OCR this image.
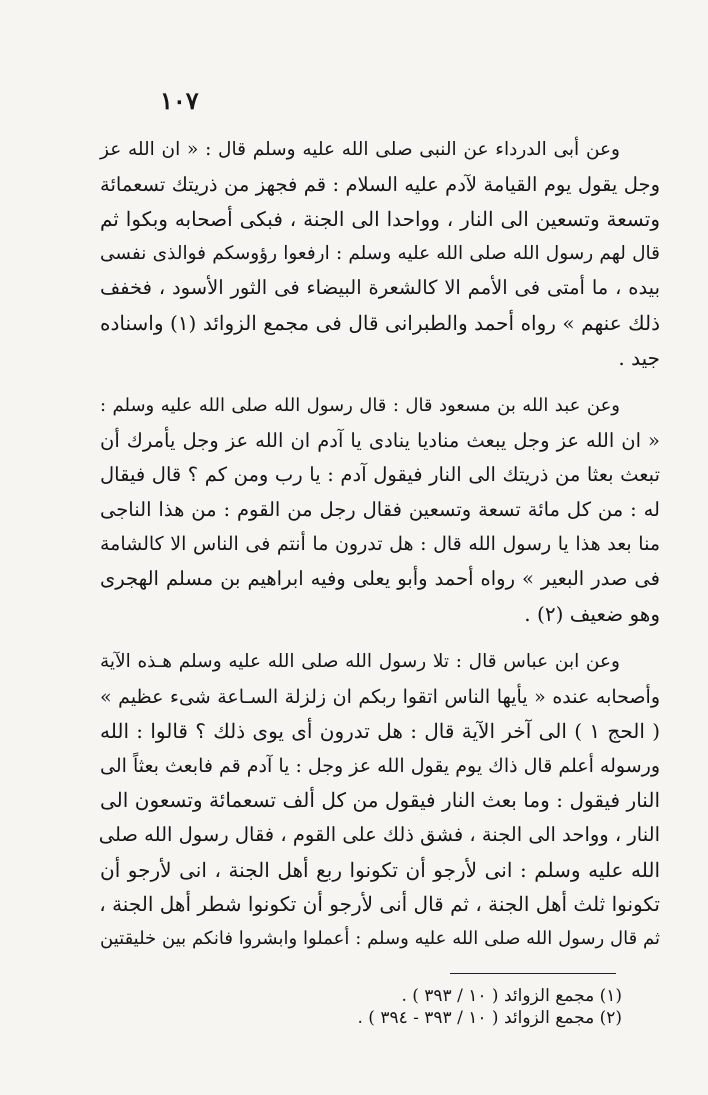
١٠٧
وعن أبى الدرداء عن النبى صلى الله عليه وسلم قال : « ان الله عز
وجل يقول يوم القيامة لآدم عليه السلام : قم فجهز من ذريتك تسعمائة
وتسعة وتسعين الى النار ، وواحدا الى الجنة ، فبكى أصحابه وبكوا ثم
قال لهم رسول الله صلى الله عليه وسلم : ارفعوا رؤوسكم فوالذى نفسى
بيده ، ما أمتى فى الأمم الا كالشعرة البيضاء فى الثور الأسود ، فخفف
ذلك عنهم » رواه أحمد والطبرانى قال فى مجمع الزوائد (١) واسناده
جيد .
وعن عبد الله بن مسعود قال : قال رسول الله صلى الله عليه وسلم :
« ان الله عز وجل يبعث مناديا ينادى يا آدم ان الله عز وجل يأمرك أن
تبعث بعثا من ذريتك الى النار فيقول آدم : يا رب ومن كم ؟ قال فيقال
له : من كل مائة تسعة وتسعين فقال رجل من القوم : من هذا الناجى
منا بعد هذا يا رسول الله قال : هل تدرون ما أنتم فى الناس الا كالشامة
فى صدر البعير » رواه أحمد وأبو يعلى وفيه ابراهيم بن مسلم الهجرى
وهو ضعيف (٢) .
وعن ابن عباس قال : تلا رسول الله صلى الله عليه وسلم هـذه الآية
وأصحابه عنده « يأيها الناس اتقوا ربكم ان زلزلة السـاعة شىء عظيم »
( الحج ١ ) الى آخر الآية قال : هل تدرون أى يوى ذلك ؟ قالوا : الله
ورسوله أعلم قال ذاك يوم يقول الله عز وجل : يا آدم قم فابعث بعثاً الى
النار فيقول : وما بعث النار فيقول من كل ألف تسعمائة وتسعون الى
النار ، وواحد الى الجنة ، فشق ذلك على القوم ، فقال رسول الله صلى
الله عليه وسلم : انى لأرجو أن تكونوا ربع أهل الجنة ، انى لأرجو أن
تكونوا ثلث أهل الجنة ، ثم قال أنى لأرجو أن تكونوا شطر أهل الجنة ،
ثم قال رسول الله صلى الله عليه وسلم : أعملوا وابشروا فانكم بين خليقتين
(١) مجمع الزوائد ( ١٠ / ٣٩٣ ) .
(٢) مجمع الزوائد ( ١٠ / ٣٩٣ - ٣٩٤ ) .
